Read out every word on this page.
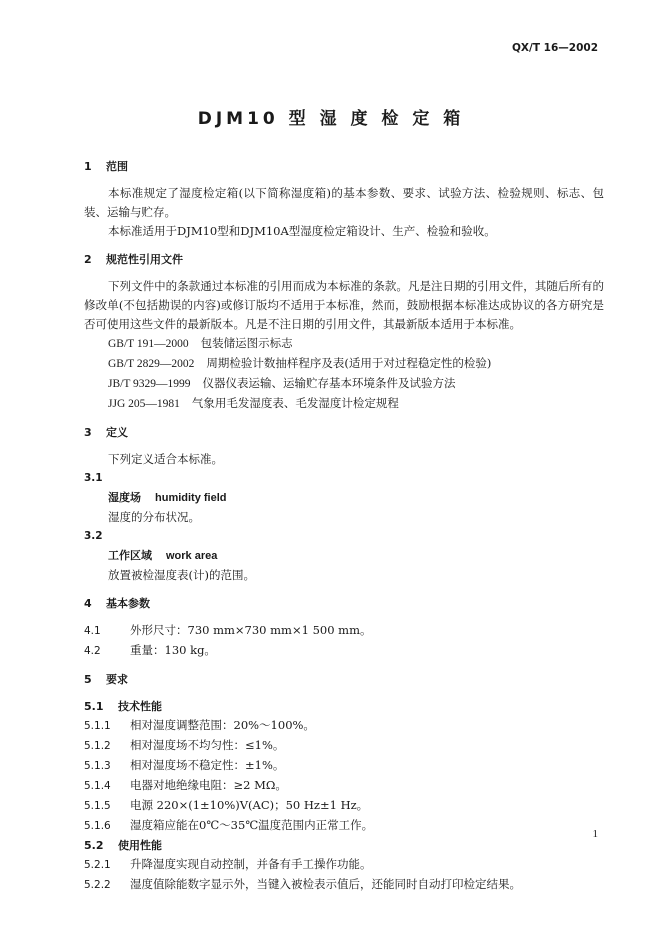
QX/T 16—2002
DJM10 型 湿 度 检 定 箱
1 范围

本标准规定了湿度检定箱(以下简称湿度箱)的基本参数、要求、试验方法、检验规则、标志、包装、运输与贮存。

本标准适用于DJM10型和DJM10A型湿度检定箱设计、生产、检验和验收。

2 规范性引用文件

下列文件中的条款通过本标准的引用而成为本标准的条款。凡是注日期的引用文件，其随后所有的修改单(不包括勘误的内容)或修订版均不适用于本标准，然而，鼓励根据本标准达成协议的各方研究是否可使用这些文件的最新版本。凡是不注日期的引用文件，其最新版本适用于本标准。

GB/T 191—2000 包装储运图示标志

GB/T 2829—2002 周期检验计数抽样程序及表(适用于对过程稳定性的检验)

JB/T 9329—1999 仪器仪表运输、运输贮存基本环境条件及试验方法

JJG 205—1981 气象用毛发湿度表、毛发湿度计检定规程

3 定义

下列定义适合本标准。

3.1

湿度场 humidity field

湿度的分布状况。

3.2

工作区域 work area

放置被检湿度表(计)的范围。

4 基本参数

4.1	外形尺寸：730 mm×730 mm×1 500 mm。

4.2	重量：130 kg。

5 要求

5.1 技术性能

5.1.1 相对湿度调整范围：20%～100%。

5.1.2 相对湿度场不均匀性：≤1%。

5.1.3 相对湿度场不稳定性：±1%。

5.1.4 电器对地绝缘电阻：≥2 MΩ。

5.1.5 电源 220×(1±10%)V(AC)；50 Hz±1 Hz。

5.1.6 湿度箱应能在0℃～35℃温度范围内正常工作。

5.2 使用性能

5.2.1 升降湿度实现自动控制，并备有手工操作功能。

5.2.2 湿度值除能数字显示外，当键入被检表示值后，还能同时自动打印检定结果。

1
